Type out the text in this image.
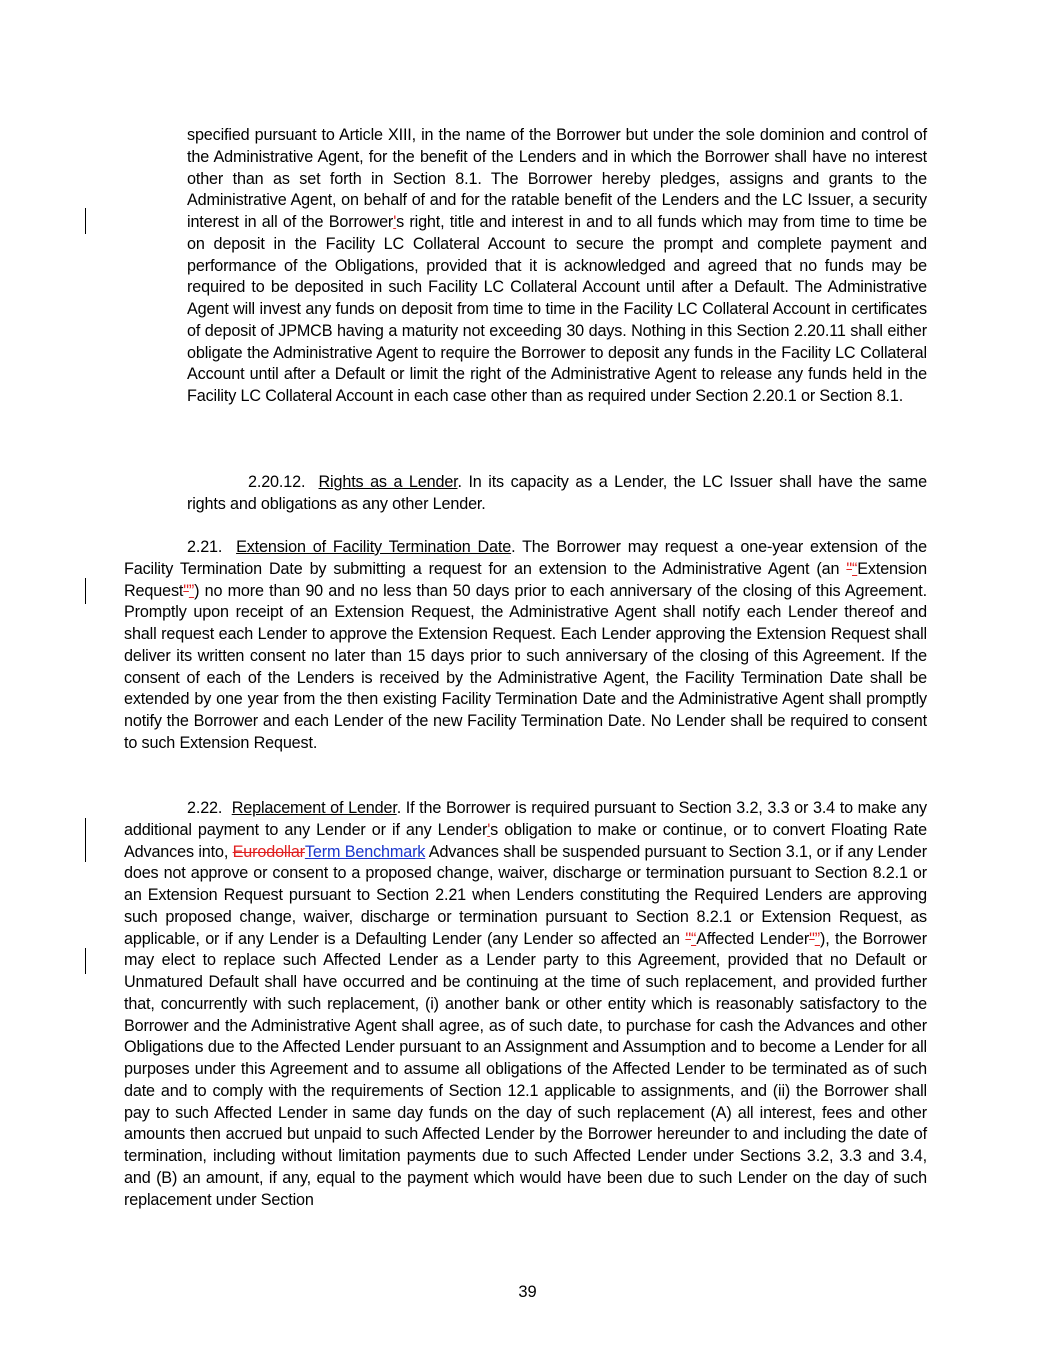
specified pursuant to Article XIII, in the name of the Borrower but under the sole dominion and control of the Administrative Agent, for the benefit of the Lenders and in which the Borrower shall have no interest other than as set forth in Section 8.1. The Borrower hereby pledges, assigns and grants to the Administrative Agent, on behalf of and for the ratable benefit of the Lenders and the LC Issuer, a security interest in all of the Borrower's right, title and interest in and to all funds which may from time to time be on deposit in the Facility LC Collateral Account to secure the prompt and complete payment and performance of the Obligations, provided that it is acknowledged and agreed that no funds may be required to be deposited in such Facility LC Collateral Account until after a Default. The Administrative Agent will invest any funds on deposit from time to time in the Facility LC Collateral Account in certificates of deposit of JPMCB having a maturity not exceeding 30 days. Nothing in this Section 2.20.11 shall either obligate the Administrative Agent to require the Borrower to deposit any funds in the Facility LC Collateral Account until after a Default or limit the right of the Administrative Agent to release any funds held in the Facility LC Collateral Account in each case other than as required under Section 2.20.1 or Section 8.1.

2.20.12. Rights as a Lender. In its capacity as a Lender, the LC Issuer shall have the same rights and obligations as any other Lender.

2.21. Extension of Facility Termination Date. The Borrower may request a one-year extension of the Facility Termination Date by submitting a request for an extension to the Administrative Agent (an "“Extension Request"”) no more than 90 and no less than 50 days prior to each anniversary of the closing of this Agreement. Promptly upon receipt of an Extension Request, the Administrative Agent shall notify each Lender thereof and shall request each Lender to approve the Extension Request. Each Lender approving the Extension Request shall deliver its written consent no later than 15 days prior to such anniversary of the closing of this Agreement. If the consent of each of the Lenders is received by the Administrative Agent, the Facility Termination Date shall be extended by one year from the then existing Facility Termination Date and the Administrative Agent shall promptly notify the Borrower and each Lender of the new Facility Termination Date. No Lender shall be required to consent to such Extension Request.

2.22. Replacement of Lender. If the Borrower is required pursuant to Section 3.2, 3.3 or 3.4 to make any additional payment to any Lender or if any Lender's obligation to make or continue, or to convert Floating Rate Advances into, EurodollarTerm Benchmark Advances shall be suspended pursuant to Section 3.1, or if any Lender does not approve or consent to a proposed change, waiver, discharge or termination pursuant to Section 8.2.1 or an Extension Request pursuant to Section 2.21 when Lenders constituting the Required Lenders are approving such proposed change, waiver, discharge or termination pursuant to Section 8.2.1 or Extension Request, as applicable, or if any Lender is a Defaulting Lender (any Lender so affected an "“Affected Lender"”), the Borrower may elect to replace such Affected Lender as a Lender party to this Agreement, provided that no Default or Unmatured Default shall have occurred and be continuing at the time of such replacement, and provided further that, concurrently with such replacement, (i) another bank or other entity which is reasonably satisfactory to the Borrower and the Administrative Agent shall agree, as of such date, to purchase for cash the Advances and other Obligations due to the Affected Lender pursuant to an Assignment and Assumption and to become a Lender for all purposes under this Agreement and to assume all obligations of the Affected Lender to be terminated as of such date and to comply with the requirements of Section 12.1 applicable to assignments, and (ii) the Borrower shall pay to such Affected Lender in same day funds on the day of such replacement (A) all interest, fees and other amounts then accrued but unpaid to such Affected Lender by the Borrower hereunder to and including the date of termination, including without limitation payments due to such Affected Lender under Sections 3.2, 3.3 and 3.4, and (B) an amount, if any, equal to the payment which would have been due to such Lender on the day of such replacement under Section

39
